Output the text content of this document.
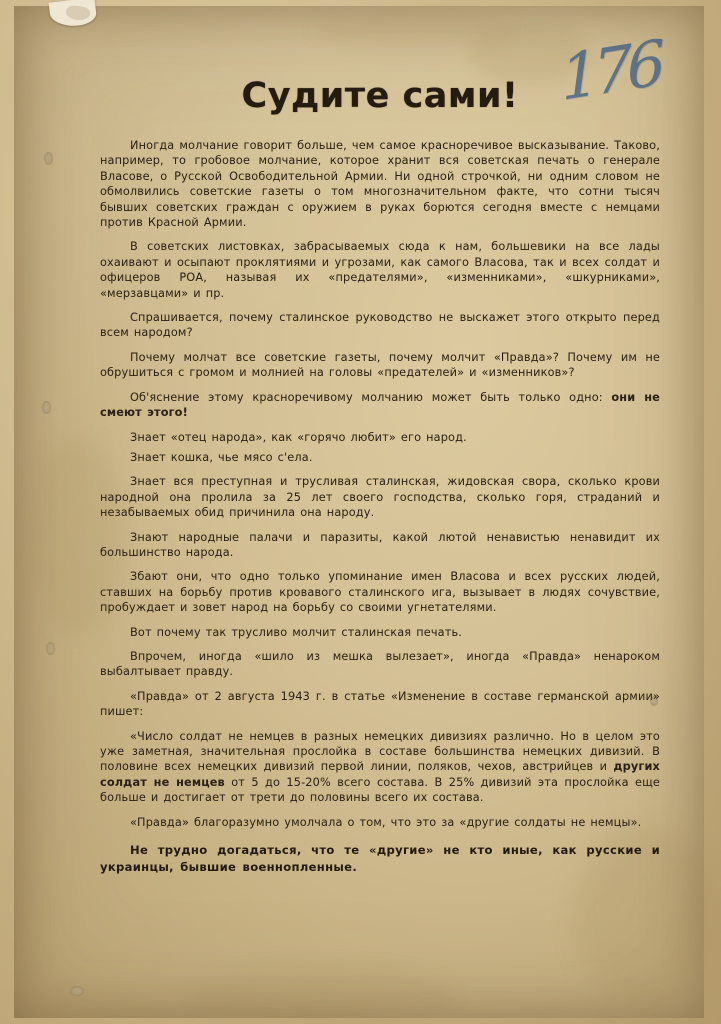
176
Судите сами!

Иногда молчание говорит больше, чем самое красноречивое высказывание. Таково, например, то гробовое молчание, которое хранит вся советская печать о генерале Власове, о Русской Освободительной Армии. Ни одной строчкой, ни одним словом не обмолвились советские газеты о том многозначительном факте, что сотни тысяч бывших советских граждан с оружием в руках борются сегодня вместе с немцами против Красной Армии.

В советских листовках, забрасываемых сюда к нам, большевики на все лады охаивают и осыпают проклятиями и угрозами, как самого Власова, так и всех солдат и офицеров РОА, называя их «предателями», «изменниками», «шкурниками», «мерзавцами» и пр.

Спрашивается, почему сталинское руководство не выскажет этого открыто перед всем народом?

Почему молчат все советские газеты, почему молчит «Правда»? Почему им не обрушиться с громом и молнией на головы «предателей» и «изменников»?

Об'яснение этому красноречивому молчанию может быть только одно: они не смеют этого!

Знает «отец народа», как «горячо любит» его народ.

Знает кошка, чье мясо с'ела.

Знает вся преступная и трусливая сталинская, жидовская свора, сколько крови народной она пролила за 25 лет своего господства, сколько горя, страданий и незабываемых обид причинила она народу.

Знают народные палачи и паразиты, какой лютой ненавистью ненавидит их большинство народа.

Збают они, что одно только упоминание имен Власова и всех русских людей, ставших на борьбу против кровавого сталинского ига, вызывает в людях сочувствие, пробуждает и зовет народ на борьбу со своими угнетателями.

Вот почему так трусливо молчит сталинская печать.

Впрочем, иногда «шило из мешка вылезает», иногда «Правда» ненароком выбалтывает правду.

«Правда» от 2 августа 1943 г. в статье «Изменение в составе германской армии» пишет:

«Число солдат не немцев в разных немецких дивизиях различно. Но в целом это уже заметная, значительная прослойка в составе большинства немецких дивизий. В половине всех немецких дивизий первой линии, поляков, чехов, австрийцев и других солдат не немцев от 5 до 15-20% всего состава. В 25% дивизий эта прослойка еще больше и достигает от трети до половины всего их состава.

«Правда» благоразумно умолчала о том, что это за «другие солдаты не немцы».

Не трудно догадаться, что те «другие» не кто иные, как русские и украинцы, бывшие военнопленные.
